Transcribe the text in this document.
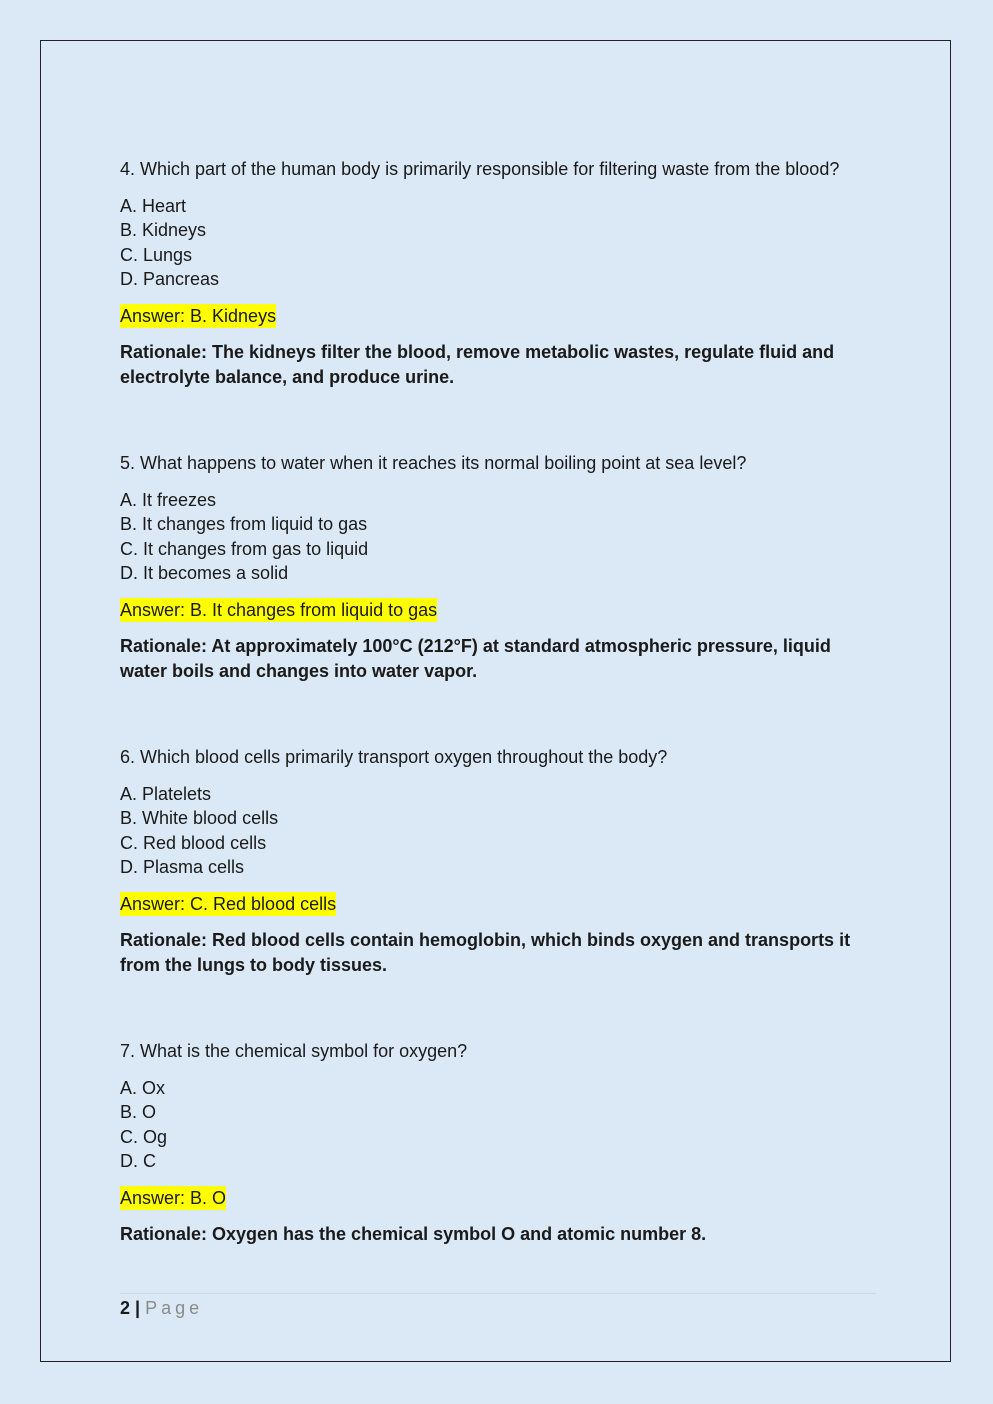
4. Which part of the human body is primarily responsible for filtering waste from the blood?

A. Heart
B. Kidneys
C. Lungs
D. Pancreas
Answer: B. Kidneys

Rationale: The kidneys filter the blood, remove metabolic wastes, regulate fluid and electrolyte balance, and produce urine.

5. What happens to water when it reaches its normal boiling point at sea level?

A. It freezes
B. It changes from liquid to gas
C. It changes from gas to liquid
D. It becomes a solid
Answer: B. It changes from liquid to gas

Rationale: At approximately 100°C (212°F) at standard atmospheric pressure, liquid water boils and changes into water vapor.

6. Which blood cells primarily transport oxygen throughout the body?

A. Platelets
B. White blood cells
C. Red blood cells
D. Plasma cells
Answer: C. Red blood cells

Rationale: Red blood cells contain hemoglobin, which binds oxygen and transports it from the lungs to body tissues.

7. What is the chemical symbol for oxygen?

A. Ox
B. O
C. Og
D. C
Answer: B. O

Rationale: Oxygen has the chemical symbol O and atomic number 8.

2 | Page
